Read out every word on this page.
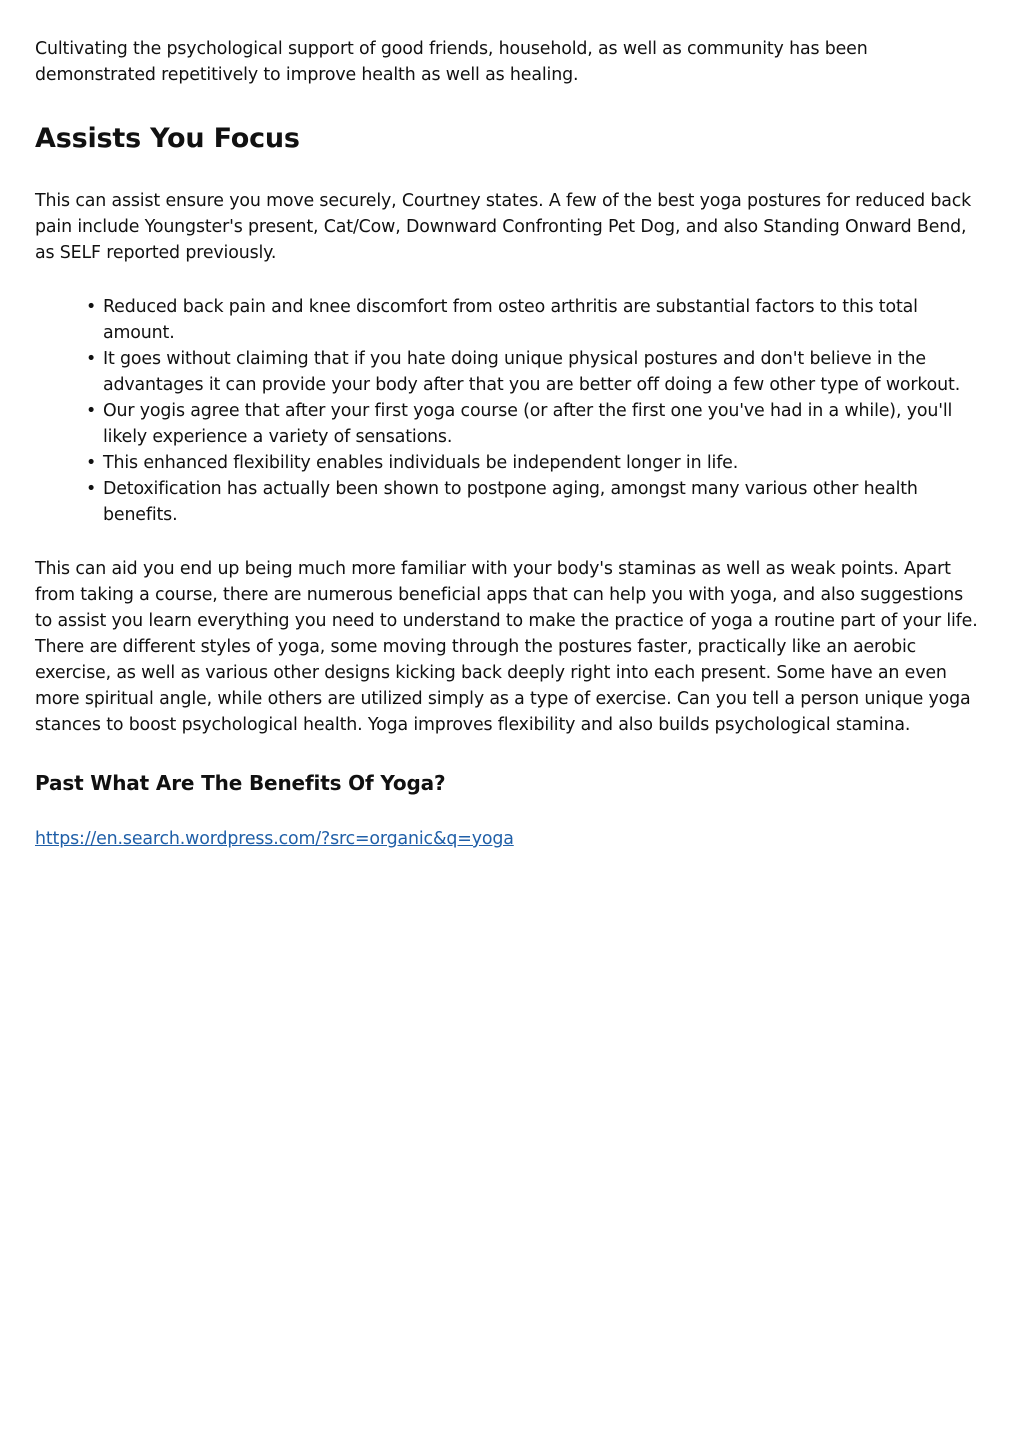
Cultivating the psychological support of good friends, household, as well as community has been demonstrated repetitively to improve health as well as healing.

Assists You Focus

This can assist ensure you move securely, Courtney states. A few of the best yoga postures for reduced back pain include Youngster's present, Cat/Cow, Downward Confronting Pet Dog, and also Standing Onward Bend, as SELF reported previously.

• Reduced back pain and knee discomfort from osteo arthritis are substantial factors to this total amount.
• It goes without claiming that if you hate doing unique physical postures and don't believe in the advantages it can provide your body after that you are better off doing a few other type of workout.
• Our yogis agree that after your first yoga course (or after the first one you've had in a while), you'll likely experience a variety of sensations.
• This enhanced flexibility enables individuals be independent longer in life.
• Detoxification has actually been shown to postpone aging, amongst many various other health benefits.

This can aid you end up being much more familiar with your body's staminas as well as weak points. Apart from taking a course, there are numerous beneficial apps that can help you with yoga, and also suggestions to assist you learn everything you need to understand to make the practice of yoga a routine part of your life. There are different styles of yoga, some moving through the postures faster, practically like an aerobic exercise, as well as various other designs kicking back deeply right into each present. Some have an even more spiritual angle, while others are utilized simply as a type of exercise. Can you tell a person unique yoga stances to boost psychological health. Yoga improves flexibility and also builds psychological stamina.

Past What Are The Benefits Of Yoga?
https://en.search.wordpress.com/?src=organic&q=yoga
